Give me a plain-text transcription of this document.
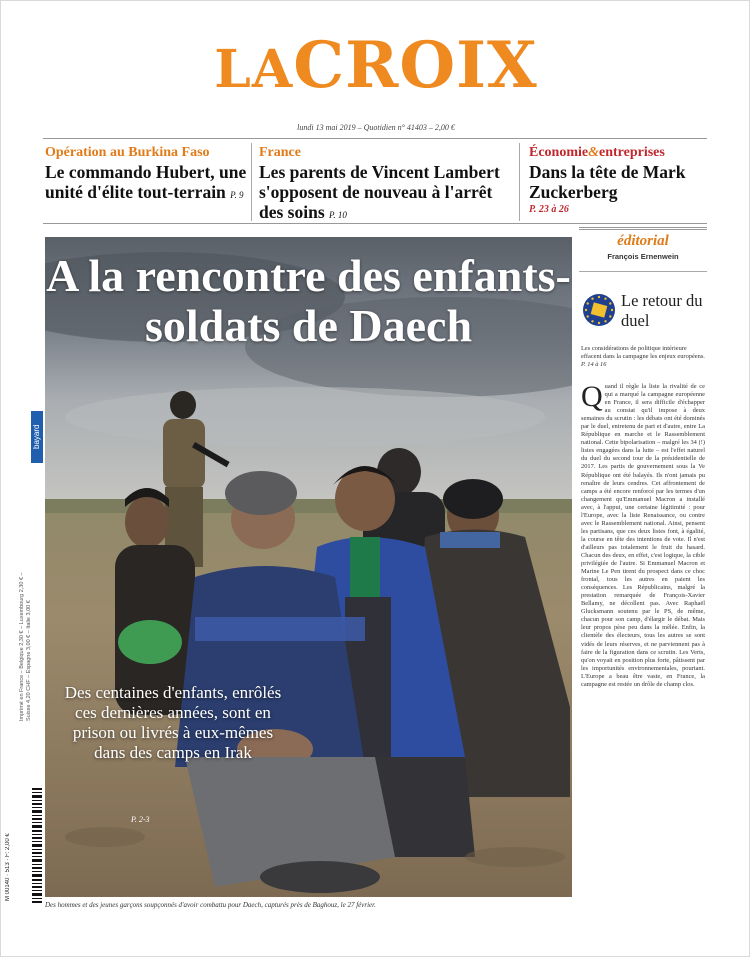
LACROIX
lundi 13 mai 2019 – Quotidien n° 41403 – 2,00 €
Opération au Burkina Faso
Le commando Hubert, une unité d'élite tout-terrain P. 9
France
Les parents de Vincent Lambert s'opposent de nouveau à l'arrêt des soins P. 10
Économie&entreprises
Dans la tête de Mark Zuckerberg
P. 23 à 26
bayard
Imprimé en France – Belgique 2,30 € – Luxembourg 2,30 € – Suisse 4,20 CHF – Espagne 3,00 € – Italie 3,00 €
M 00140 · 513 · F: 2,00 €
A la rencontre des enfants-soldats de Daech
Des centaines d'enfants, enrôlés ces dernières années, sont en prison ou livrés à eux-mêmes dans des camps en Irak
P. 2-3
Des hommes et des jeunes garçons soupçonnés d'avoir combattu pour Daech, capturés près de Baghouz, le 27 février.
éditorial
François Ernenwein
Le retour du duel
Les considérations de politique intérieure effacent dans la campagne les enjeux européens. P. 14 à 16
Quand il règle la liste la rivalité de ce qui a marqué la campagne européenne en France, il sera difficile d'échapper au constat qu'il impose à deux semaines du scrutin : les débats ont été dominés par le duel, entretenu de part et d'autre, entre La République en marche et le Rassemblement national. Cette bipolarisation – malgré les 34 (!) listes engagées dans la lutte – est l'effet naturel du duel du second tour de la présidentielle de 2017. Les partis de gouvernement sous la Ve République ont été balayés. Ils n'ont jamais pu renaître de leurs cendres. Cet affrontement de camps a été encore renforcé par les termes d'un changement qu'Emmanuel Macron a installé avec, à l'appui, une certaine légitimité : pour l'Europe, avec la liste Renaissance, ou contre avec le Rassemblement national. Ainsi, pensent les partisans, que ces deux listes font, à égalité, la course en tête des intentions de vote. Il n'est d'ailleurs pas totalement le fruit du hasard. Chacun des deux, en effet, c'est logique, la cible privilégiée de l'autre. Si Emmanuel Macron et Marine Le Pen tirent du prospect dans ce choc frontal, tous les autres en paient les conséquences. Les Républicains, malgré la prestation remarquée de François-Xavier Bellamy, ne décollent pas. Avec Raphaël Glucksmann soutenu par le PS, de même, chacun pour son camp, d'élargir le débat. Mais leur propos pèse peu dans la mêlée. Enfin, la clientèle des électeurs, tous les autres se sont vidés de leurs réserves, et ne parviennent pas à faire de la figuration dans ce scrutin. Les Verts, qu'on voyait en position plus forte, pâtissent par les importunités environnementales, pourtant. L'Europe a beau être vaste, en France, la campagne est restée un drôle de champ clos.
